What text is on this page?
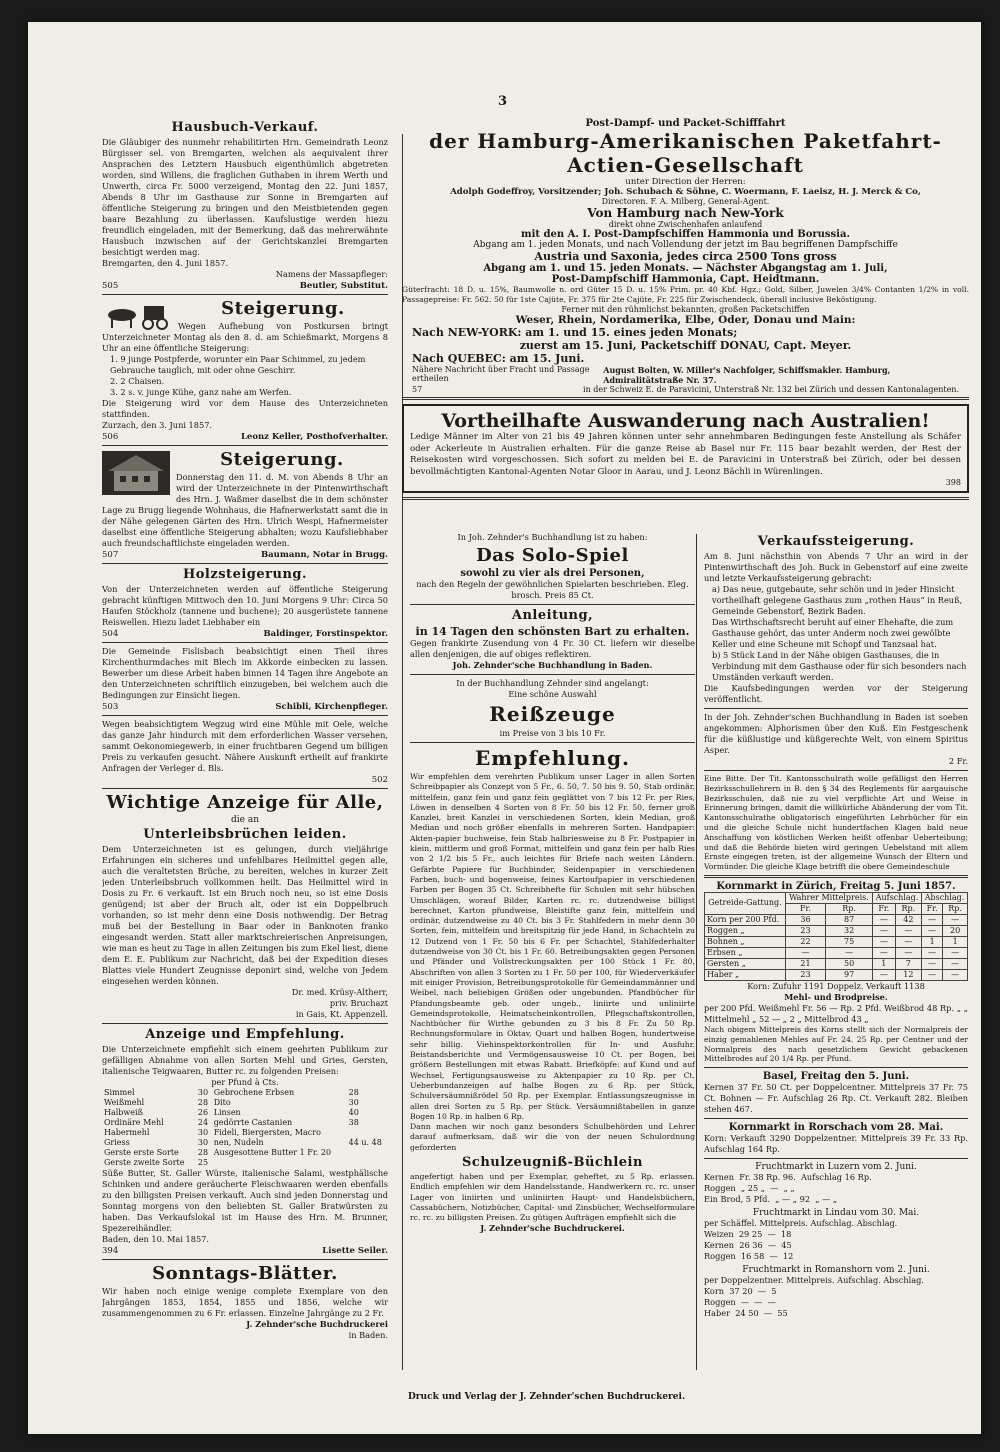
3
Hausbuch-Verkauf.

Die Gläubiger des nunmehr rehabilitirten Hrn. Gemeindrath Leonz Bürgisser sel. von Bremgarten, welchen als aequivalent ihrer Ansprachen des Letztern Hausbuch eigenthümlich abgetreten worden, sind Willens, die fraglichen Guthaben in ihrem Werth und Unwerth, circa Fr. 5000 verzeigend, Montag den 22. Juni 1857, Abends 8 Uhr im Gasthause zur Sonne in Bremgarten auf öffentliche Steigerung zu bringen und den Meistbietenden gegen baare Bezahlung zu überlassen. Kaufslustige werden hiezu freundlich eingeladen, mit der Bemerkung, daß das mehrerwähnte Hausbuch inzwischen auf der Gerichtskanzlei Bremgarten besichtigt werden mag.

Bremgarten, den 4. Juni 1857.

Namens der Massapfleger:

505	Beutler, Substitut.
Steigerung.

Wegen Aufhebung von Postkursen bringt Unterzeichneter Montag als den 8. d. am Schießmarkt, Morgens 8 Uhr an eine öffentliche Steigerung:

1. 9 junge Postpferde, worunter ein Paar Schimmel, zu jedem Gebrauche tauglich, mit oder ohne Geschirr.

2. 2 Chaisen.

3. 2 s. v. junge Kühe, ganz nahe am Werfen.

Die Steigerung wird vor dem Hause des Unterzeichneten stattfinden.

Zurzach, den 3. Juni 1857.

506	Leonz Keller, Posthofverhalter.
Steigerung.

Donnerstag den 11. d. M. von Abends 8 Uhr an wird der Unterzeichnete in der Pintenwirthschaft des Hrn. J. Waßmer daselbst die in dem schönster Lage zu Brugg liegende Wohnhaus, die Hafnerwerkstatt samt die in der Nähe gelegenen Gärten des Hrn. Ulrich Wespi, Hafnermeister daselbst eine öffentliche Steigerung abhalten; wozu Kaufsliebhaber auch freundschaftlichste eingeladen werden.

507	Baumann, Notar in Brugg.
Holzsteigerung.

Von der Unterzeichneten werden auf öffentliche Steigerung gebracht künftigen Mittwoch den 10. Juni Morgens 9 Uhr: Circa 50 Haufen Stöckholz (tannene und buchene); 20 ausgerüstete tannene Reiswellen. Hiezu ladet Liebhaber ein

504	Baldinger, Forstinspektor.

Die Gemeinde Fislisbach beabsichtigt einen Theil ihres Kirchenthurmdaches mit Blech im Akkorde einbecken zu lassen. Bewerber um diese Arbeit haben binnen 14 Tagen ihre Angebote an den Unterzeichneten schriftlich einzugeben, bei welchem auch die Bedingungen zur Einsicht liegen.

503	Schibli, Kirchenpfleger.

Wegen beabsichtigtem Wegzug wird eine Mühle mit Oele, welche das ganze Jahr hindurch mit dem erforderlichen Wasser versehen, sammt Oekonomiegewerb, in einer fruchtbaren Gegend um billigen Preis zu verkaufen gesucht. Nähere Auskunft ertheilt auf frankirte Anfragen der Verleger d. Bls.

502
Wichtige Anzeige für Alle,
die an
Unterleibsbrüchen leiden.

Dem Unterzeichneten ist es gelungen, durch vieljährige Erfahrungen ein sicheres und unfehlbares Heilmittel gegen alle, auch die veraltetsten Brüche, zu bereiten, welches in kurzer Zeit jeden Unterleibsbruch vollkommen heilt. Das Heilmittel wird in Dosis zu Fr. 6 verkauft. Ist ein Bruch noch neu, so ist eine Dosis genügend; ist aber der Bruch alt, oder ist ein Doppelbruch vorhanden, so ist mehr denn eine Dosis nothwendig. Der Betrag muß bei der Bestellung in Baar oder in Banknoten franko eingesandt werden. Statt aller marktschreierischen Anpreisungen, wie man es heut zu Tage in allen Zeitungen bis zum Ekel liest, diene dem E. E. Publikum zur Nachricht, daß bei der Expedition dieses Blattes viele Hundert Zeugnisse deponirt sind, welche von Jedem eingesehen werden können.

Dr. med. Krüsy-Altherr,

priv. Bruchazt

in Gais, Kt. Appenzell.

Anzeige und Empfehlung.

Die Unterzeichnete empfiehlt sich einem geehrten Publikum zur gefälligen Abnahme von allen Sorten Mehl und Gries, Gersten, italienische Teigwaaren, Butter rc. zu folgenden Preisen:

per Pfund à Cts.

Simmel	30	Gebrochene Erbsen	28
Weißmehl	28	Dito	30
Halbweiß	26	Linsen	40
Ordinäre Mehl	24	gedörrte Castanien	38
Habermehl	30	Fideli, Biergersten, Macro	
Griess	30	nen, Nudeln	44 u. 48
Gerste erste Sorte	28	Ausgesottene Butter 1 Fr. 20	
Gerste zweite Sorte	25		

Süße Butter, St. Galler Würste, italienische Salami, westphälische Schinken und andere geräucherte Fleischwaaren werden ebenfalls zu den billigsten Preisen verkauft. Auch sind jeden Donnerstag und Sonntag morgens von den beliebten St. Galler Bratwürsten zu haben. Das Verkaufslokal ist im Hause des Hrn. M. Brunner, Spezereihändler.

Baden, den 10. Mai 1857.

394	Lisette Seiler.
Sonntags-Blätter.

Wir haben noch einige wenige complete Exemplare von den Jahrgängen 1853, 1854, 1855 und 1856, welche wir zusammengenommen zu 6 Fr. erlassen. Einzelne Jahrgänge zu 2 Fr.

J. Zehnder'sche Buchdruckerei

in Baden.

Post-Dampf- und Packet-Schifffahrt
der Hamburg-Amerikanischen Paketfahrt-Actien-Gesellschaft
unter Direction der Herren:
Adolph Godeffroy, Vorsitzender; Joh. Schubach & Söhne, C. Woermann, F. Laeisz, H. J. Merck & Co,
Directoren. F. A. Milberg, General-Agent.
Von Hamburg nach New-York
direkt ohne Zwischenhafen anlaufend
mit den A. I. Post-Dampfschiffen Hammonia und Borussia.
Abgang am 1. jeden Monats, und nach Vollendung der jetzt im Bau begriffenen Dampfschiffe
Austria und Saxonia, jedes circa 2500 Tons gross
Abgang am 1. und 15. jeden Monats. — Nächster Abgangstag am 1. Juli,
Post-Dampfschiff Hammonia, Capt. Heidtmann.

Güterfracht: 18 D. u. 15%, Baumwolle n. ord Güter 15 D. u. 15% Prim. pr. 40 Kbf. Hgz.; Gold, Silber, Juwelen 3/4% Contanten 1/2% in voll. Passagepreise: Fr. 562. 50 für 1ste Cajüte, Fr. 375 für 2te Cajüte, Fr. 225 für Zwischendeck, überall inclusive Beköstigung.

Ferner mit den rühmlichst bekannten, großen Packetschiffen
Weser, Rhein, Nordamerika, Elbe, Oder, Donau und Main:
Nach NEW-YORK: am 1. und 15. eines jeden Monats;
zuerst am 15. Juni, Packetschiff DONAU, Capt. Meyer.
Nach QUEBEC: am 15. Juni.
Nähere Nachricht über Fracht und Passage ertheilen
August Bolten, W. Miller's Nachfolger, Schiffsmakler. Hamburg, Admiralitätstraße Nr. 37.
57	in der Schweiz E. de Paravicini, Unterstraß Nr. 132 bei Zürich und dessen Kantonalagenten.
Vortheilhafte Auswanderung nach Australien!

Ledige Männer im Alter von 21 bis 49 Jahren können unter sehr annehmbaren Bedingungen feste Anstellung als Schäfer oder Ackerleute in Australien erhalten. Für die ganze Reise ab Basel nur Fr. 115 baar bezahlt werden, der Rest der Reisekosten wird vorgeschossen. Sich sofort zu melden bei E. de Paravicini in Unterstraß bei Zürich, oder bei dessen bevollmächtigten Kantonal-Agenten Notar Gloor in Aarau, und J. Leonz Bächli in Würenlingen.

398

In Joh. Zehnder's Buchhandlung ist zu haben:

Das Solo-Spiel
sowohl zu vier als drei Personen,

nach den Regeln der gewöhnlichen Spielarten beschrieben. Eleg. brosch. Preis 85 Ct.

Anleitung,
in 14 Tagen den schönsten Bart zu erhalten.

Gegen frankirte Zusendung von 4 Fr. 30 Ct. liefern wir dieselbe allen denjenigen, die auf obiges reflektiren.

Joh. Zehnder'sche Buchhandlung in Baden.

In der Buchhandlung Zehnder sind angelangt:

Eine schöne Auswahl

Reißzeuge

im Preise von 3 bis 10 Fr.

Empfehlung.

Wir empfehlen dem verehrten Publikum unser Lager in allen Sorten Schreibpapier als Conzept von 5 Fr., 6. 50, 7. 50 bis 9. 50, Stab ordinär, mittelfein, ganz fein und ganz fein geglättet von 7 bis 12 Fr. per Ries, Löwen in denselben 4 Sorten von 8 Fr. 50 bis 12 Fr. 50, ferner groß Kanzlei, breit Kanzlei in verschiedenen Sorten, klein Median, groß Median und noch größer ebenfalls in mehreren Sorten. Handpapier: Akten-papier buchweise, fein Stab halbriesweise zu 8 Fr. Postpapier in klein, mittlerm und groß Format, mittelfein und ganz fein per halb Ries von 2 1/2 bis 5 Fr., auch leichtes für Briefe nach weiten Ländern. Gefärbte Papiere für Buchbinder, Seidenpapier in verschiedenen Farben, buch- und bogenweise, feines Kartoufpapier in verschiedenen Farben per Bogen 35 Ct. Schreibhefte für Schulen mit sehr hübschen Umschlägen, worauf Bilder, Karten rc. rc. dutzendweise billigst berechnet, Karton pfundweise, Bleistifte ganz fein, mittelfein und ordinär, dutzendweise zu 40 Ct. bis 3 Fr. Stahlfedern in mehr denn 30 Sorten, fein, mittelfein und breitspitzig für jede Hand, in Schachteln zu 12 Dutzend von 1 Fr. 50 bis 6 Fr. per Schachtel, Stahlfederhalter dutzendweise von 30 Ct. bis 1 Fr. 60. Betreibungsakten gegen Personen und Pfänder und Vollstreckungsakten per 100 Stück 1 Fr. 80, Abschriften von allen 3 Sorten zu 1 Fr. 50 per 100, für Wiederverkäufer mit einiger Provision, Betreibungsprotokolle für Gemeindammänner und Weibel, nach beliebigen Größen oder ungebunden. Pfandbücher für Pfandungsbeamte geb. oder ungeb., liniirte und unliniirte Gemeindsprotokolle, Heimatscheinkontrollen, Pflegschaftskontrollen, Nachtbücher für Wirthe gebunden zu 3 bis 8 Fr. Zu 50 Rp. Rechnungsformulare in Oktav, Quart und halben Bogen, hundertweise sehr billig. Viehinspektorkontrollen für In- und Ausfuhr. Beistandsberichte und Vermögensausweise 10 Ct. per Bogen, bei größern Bestellungen mit etwas Rabatt. Briefköpfe: auf Kund und auf Wechsel, Fertigungsausweise zu Aktenpapier zu 10 Rp. per Ct. Ueberbundanzeigen auf halbe Bogen zu 6 Rp. per Stück, Schulversäumnißrödel 50 Rp. per Exemplar. Entlassungszeugnisse in allen drei Sorten zu 5 Rp. per Stück. Versäumnißtabellen in ganze Bogen 10 Rp. in halben 6 Rp.

Dann machen wir noch ganz besonders Schulbehörden und Lehrer darauf aufmerksam, daß wir die von der neuen Schulordnung geforderten

Schulzeugniß-Büchlein

angefertigt haben und per Exemplar, geheftet, zu 5 Rp. erlassen. Endlich empfehlen wir dem Handelsstande, Handwerkern rc. rc. unser Lager von liniirten und unliniirten Haupt- und Handelsbüchern, Cassabüchern, Notizbücher, Capital- und Zinsbücher, Wechselformulare rc. rc. zu billigsten Preisen. Zu gütigen Aufträgen empfiehlt sich die

J. Zehnder'sche Buchdruckerei.

Verkaufssteigerung.

Am 8. Juni nächsthin von Abends 7 Uhr an wird in der Pintenwirthschaft des Joh. Buck in Gebenstorf auf eine zweite und letzte Verkaufssteigerung gebracht:

a) Das neue, gutgebaute, sehr schön und in jeder Hinsicht vortheilhaft gelegene Gasthaus zum „rothen Haus“ in Reuß, Gemeinde Gebenstorf, Bezirk Baden.

Das Wirthschaftsrecht beruht auf einer Ehehafte, die zum Gasthause gehört, das unter Anderm noch zwei gewölbte Keller und eine Scheune mit Schopf und Tanzsaal hat.

b) 5 Stück Land in der Nähe obigen Gasthauses, die in Verbindung mit dem Gasthause oder für sich besonders nach Umständen verkauft werden.

Die Kaufsbedingungen werden vor der Steigerung veröffentlicht.

In der Joh. Zehnder'schen Buchhandlung in Baden ist soeben angekommen: Alphorismen über den Kuß. Ein Festgeschenk für die küßlustige und küßgerechte Welt, von einem Spiritus Asper.

2 Fr.

Eine Bitte. Der Tit. Kantonsschulrath wolle gefälligst den Herren Bezirksschullehrern in B. den § 34 des Reglements für aargauische Bezirksschulen, daß nie zu viel verpflichte Art und Weise in Erinnerung bringen, damit die willkürliche Abänderung der vom Tit. Kantonsschulrathe obligatorisch eingeführten Lehrbücher für ein und die gleiche Schule nicht hundertfachen Klagen bald neue Anschaffung von köstlichen Werken heißt offenbar Ueberteibung; und daß die Behörde bieten wird geringen Uebelstand mit allem Ernste eingegen treten, ist der allgemeine Wunsch der Eltern und Vormünder. Die gleiche Klage betrifft die obere Gemeindeschule

Kornmarkt in Zürich, Freitag 5. Juni 1857.
Getreide-Gattung.	Wahrer Mittelpreis.		Aufschlag.		Abschlag.	
	Fr.	Rp.	Fr.	Rp.	Fr.	Rp.
Korn per 200 Pfd.	36	87	—	42	—	—
Roggen „	23	32	—	—	—	20
Bohnen „	22	75	—	—	1	1
Erbsen „	—	—	—	—	—	—
Gersten „	21	50	1	7	—	—
Haber „	23	97	—	12	—	—

Korn: Zufuhr 1191 Doppelz. Verkauft 1138

Mehl- und Brodpreise.

per 200 Pfd. Weißmehl Fr. 56 — Rp. 2 Pfd. Weißbrod 48 Rp. „ „ Mittelmehl „ 52 — „ 2 „ Mittelbrod 43 „

Nach obigem Mittelpreis des Korns stellt sich der Normalpreis der einzig gemahlenen Mehles auf Fr. 24. 25 Rp. per Centner und der Normalpreis des nach gesetzlichem Gewicht gebackenen Mittelbrodes auf 20 1/4 Rp. per Pfund.

Basel, Freitag den 5. Juni.

Kernen 37 Fr. 50 Ct. per Doppelcentner. Mittelpreis 37 Fr. 75 Ct. Bohnen — Fr. Aufschlag 26 Rp. Ct. Verkauft 282. Bleiben stehen 467.

Kornmarkt in Rorschach vom 28. Mai.

Korn: Verkauft 3290 Doppelzentner. Mittelpreis 39 Fr. 33 Rp. Aufschlag 164 Rp.

Fruchtmarkt in Luzern vom 2. Juni.
Kernen  Fr. 38 Rp. 96.  Aufschlag 16 Rp.
Roggen  „ 25 „  —  „ „
Ein Brod, 5 Pfd.  „ — „ 92  „ — „
Fruchtmarkt in Lindau vom 30. Mai.

per Schäffel. Mittelpreis. Aufschlag. Abschlag.

Weizen  29 25  —  18
Kernen  26 36  —  45
Roggen  16 58  —  12
Fruchtmarkt in Romanshorn vom 2. Juni.

per Doppelzentner. Mittelpreis. Aufschlag. Abschlag.

Korn  37 20  —  5
Roggen  —  —  —
Haber  24 50  —  55
Druck und Verlag der J. Zehnder'schen Buchdruckerei.
